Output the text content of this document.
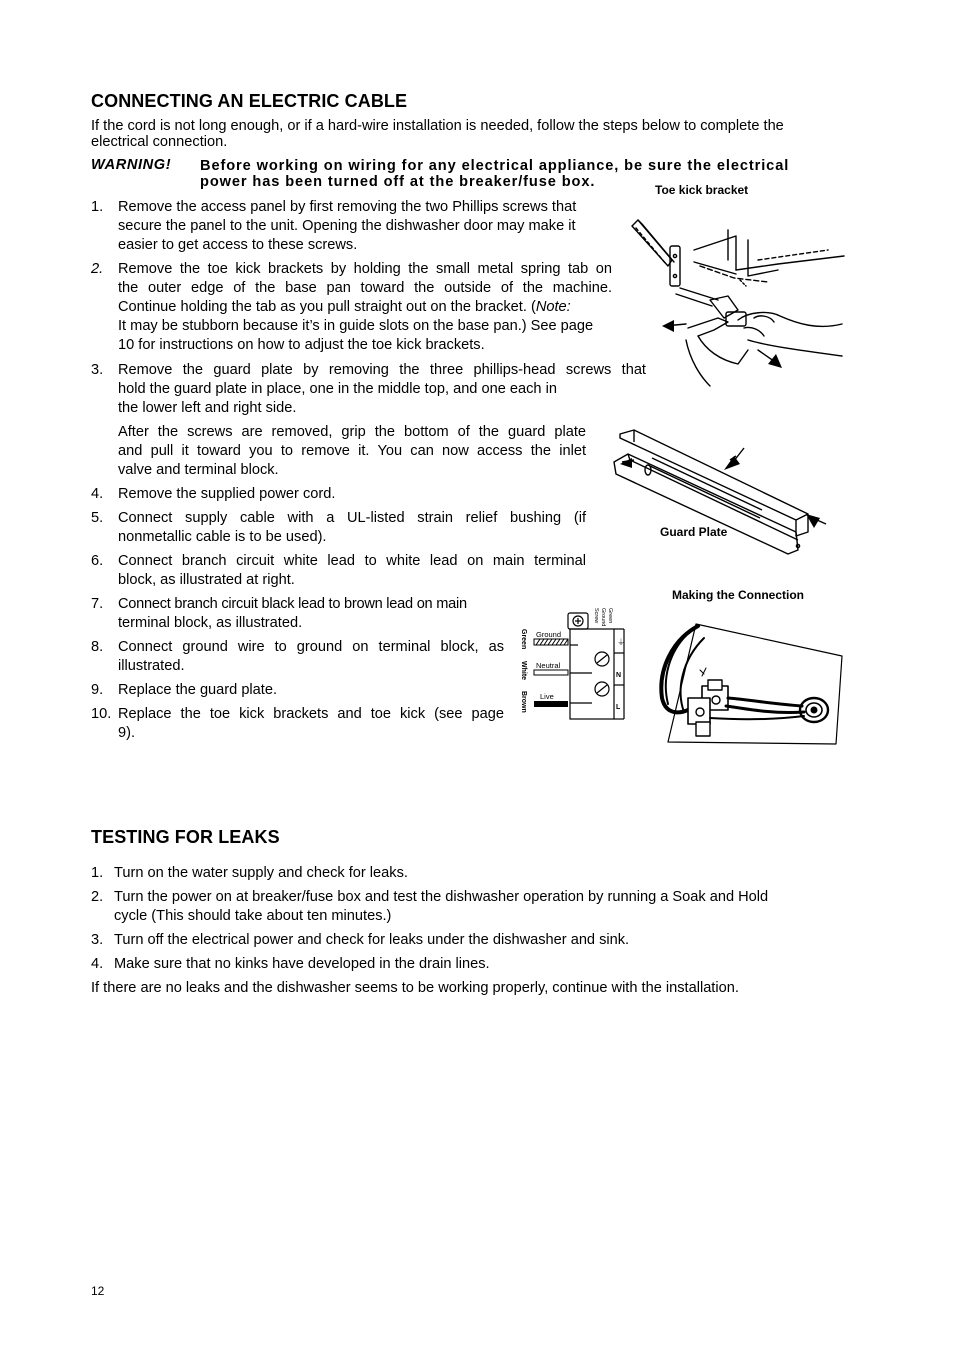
CONNECTING AN ELECTRIC CABLE
If the cord is not long enough, or if a hard-wire installation is needed, follow the steps below to complete the
electrical connection.
WARNING! Before working on wiring for any electrical appliance, be sure the electrical
power has been turned off at the breaker/fuse box.
1. Remove the access panel by first removing the two Phillips screws that
secure the panel to the unit. Opening the dishwasher door may make it
easier to get access to these screws.
2. Remove the toe kick brackets by holding the small metal spring tab on
the outer edge of the base pan toward the outside of the machine.
Continue holding the tab as you pull straight out on the bracket. (Note:
It may be stubborn because it’s in guide slots on the base pan.) See page
10 for instructions on how to adjust the toe kick brackets.
3. Remove the guard plate by removing the three phillips-head screws that
hold the guard plate in place, one in the middle top, and one each in
the lower left and right side.
After the screws are removed, grip the bottom of the guard plate
and pull it toward you to remove it. You can now access the inlet
valve and terminal block.
4. Remove the supplied power cord.
5. Connect supply cable with a UL-listed strain relief bushing (if
nonmetallic cable is to be used).
6. Connect branch circuit white lead to white lead on main terminal
block, as illustrated at right.
7. Connect branch circuit black lead to brown lead on main
terminal block, as illustrated.
8. Connect ground wire to ground on terminal block, as
illustrated.
9. Replace the guard plate.
10. Replace the toe kick brackets and toe kick (see page
9).
Toe kick bracket
Guard Plate
Making the Connection
⏚
N
L
Ground
Neutral
Live
Green
White
Brown
Green
Ground
Screw
TESTING FOR LEAKS
1. Turn on the water supply and check for leaks.
2. Turn the power on at breaker/fuse box and test the dishwasher operation by running a Soak and Hold
cycle (This should take about ten minutes.)
3. Turn off the electrical power and check for leaks under the dishwasher and sink.
4. Make sure that no kinks have developed in the drain lines.
If there are no leaks and the dishwasher seems to be working properly, continue with the installation.
12
